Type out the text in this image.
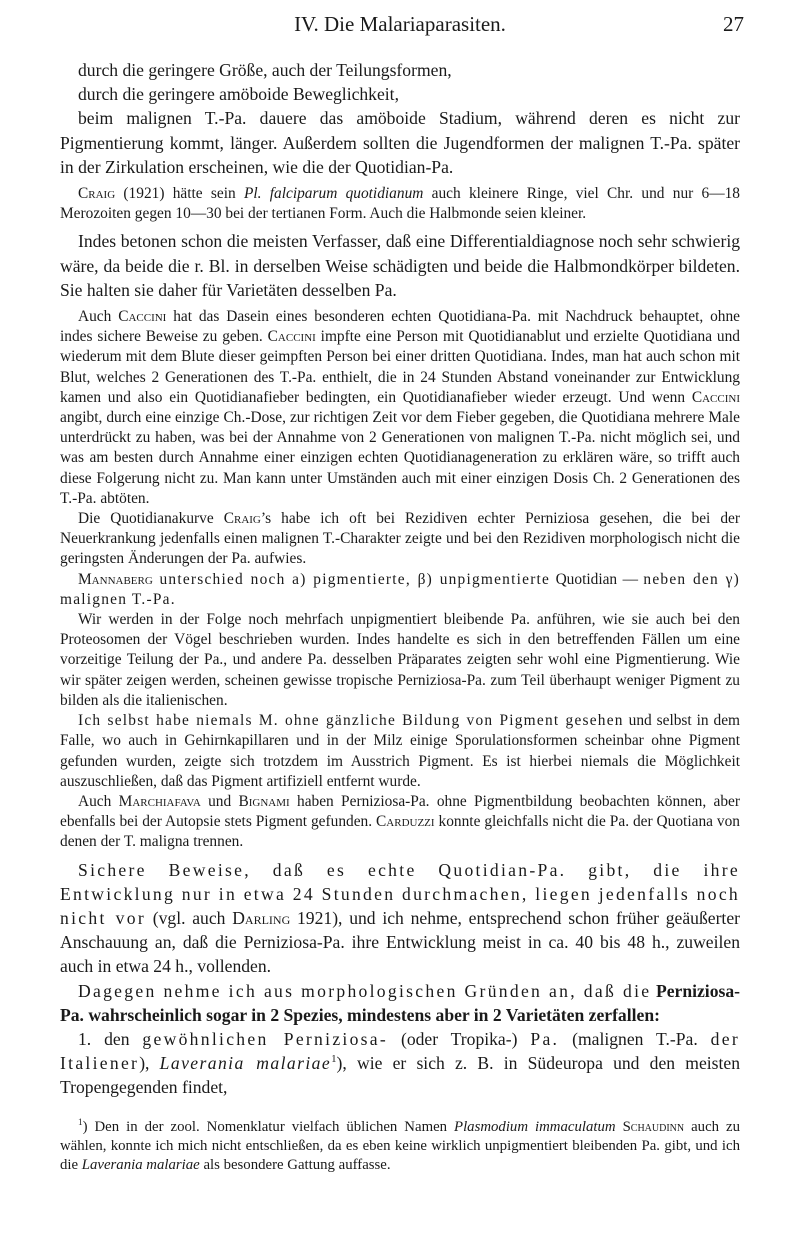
IV. Die Malariaparasiten.	27

durch die geringere Größe, auch der Teilungsformen,

durch die geringere amöboide Beweglichkeit,

beim malignen T.-Pa. dauere das amöboide Stadium, während deren es nicht zur Pigmentierung kommt, länger. Außerdem sollten die Jugendformen der malignen T.-Pa. später in der Zirkulation erscheinen, wie die der Quotidian-Pa.

Craig (1921) hätte sein Pl. falciparum quotidianum auch kleinere Ringe, viel Chr. und nur 6—18 Merozoiten gegen 10—30 bei der tertianen Form. Auch die Halbmonde seien kleiner.

Indes betonen schon die meisten Verfasser, daß eine Differentialdiagnose noch sehr schwierig wäre, da beide die r. Bl. in derselben Weise schädigten und beide die Halbmondkörper bildeten. Sie halten sie daher für Varietäten desselben Pa.

Auch Caccini hat das Dasein eines besonderen echten Quotidiana-Pa. mit Nachdruck behauptet, ohne indes sichere Beweise zu geben. Caccini impfte eine Person mit Quotidianablut und erzielte Quotidiana und wiederum mit dem Blute dieser geimpften Person bei einer dritten Quotidiana. Indes, man hat auch schon mit Blut, welches 2 Generationen des T.-Pa. enthielt, die in 24 Stunden Abstand voneinander zur Entwicklung kamen und also ein Quotidianafieber bedingten, ein Quotidianafieber wieder erzeugt. Und wenn Caccini angibt, durch eine einzige Ch.-Dose, zur richtigen Zeit vor dem Fieber gegeben, die Quotidiana mehrere Male unterdrückt zu haben, was bei der Annahme von 2 Generationen von malignen T.-Pa. nicht möglich sei, und was am besten durch Annahme einer einzigen echten Quotidianageneration zu erklären wäre, so trifft auch diese Folgerung nicht zu. Man kann unter Umständen auch mit einer einzigen Dosis Ch. 2 Generationen des T.-Pa. abtöten.

Die Quotidianakurve Craig’s habe ich oft bei Rezidiven echter Perniziosa gesehen, die bei der Neuerkrankung jedenfalls einen malignen T.-Charakter zeigte und bei den Rezidiven morphologisch nicht die geringsten Änderungen der Pa. aufwies.

Mannaberg unterschied noch a) pigmentierte, β) unpigmentierte Quotidian — neben den γ) malignen T.-Pa.

Wir werden in der Folge noch mehrfach unpigmentiert bleibende Pa. anführen, wie sie auch bei den Proteosomen der Vögel beschrieben wurden. Indes handelte es sich in den betreffenden Fällen um eine vorzeitige Teilung der Pa., und andere Pa. desselben Präparates zeigten sehr wohl eine Pigmentierung. Wie wir später zeigen werden, scheinen gewisse tropische Perniziosa-Pa. zum Teil überhaupt weniger Pigment zu bilden als die italienischen.

Ich selbst habe niemals M. ohne gänzliche Bildung von Pigment gesehen und selbst in dem Falle, wo auch in Gehirnkapillaren und in der Milz einige Sporulationsformen scheinbar ohne Pigment gefunden wurden, zeigte sich trotzdem im Ausstrich Pigment. Es ist hierbei niemals die Möglichkeit auszuschließen, daß das Pigment artifiziell entfernt wurde.

Auch Marchiafava und Bignami haben Perniziosa-Pa. ohne Pigmentbildung beobachten können, aber ebenfalls bei der Autopsie stets Pigment gefunden. Carduzzi konnte gleichfalls nicht die Pa. der Quotiana von denen der T. maligna trennen.

Sichere Beweise, daß es echte Quotidian-Pa. gibt, die ihre Entwicklung nur in etwa 24 Stunden durchmachen, liegen jedenfalls noch nicht vor (vgl. auch Darling 1921), und ich nehme, entsprechend schon früher geäußerter Anschauung an, daß die Perniziosa-Pa. ihre Entwicklung meist in ca. 40 bis 48 h., zuweilen auch in etwa 24 h., vollenden.

Dagegen nehme ich aus morphologischen Gründen an, daß die Perniziosa-Pa. wahrscheinlich sogar in 2 Spezies, mindestens aber in 2 Varietäten zerfallen:

1. den gewöhnlichen Perniziosa- (oder Tropika-) Pa. (malignen T.-Pa. der Italiener), Laverania malariae$^1$), wie er sich z. B. in Südeuropa und den meisten Tropengegenden findet,

$^1$) Den in der zool. Nomenklatur vielfach üblichen Namen Plasmodium immaculatum Schaudinn auch zu wählen, konnte ich mich nicht entschließen, da es eben keine wirklich unpigmentiert bleibenden Pa. gibt, und ich die Laverania malariae als besondere Gattung auffasse.
